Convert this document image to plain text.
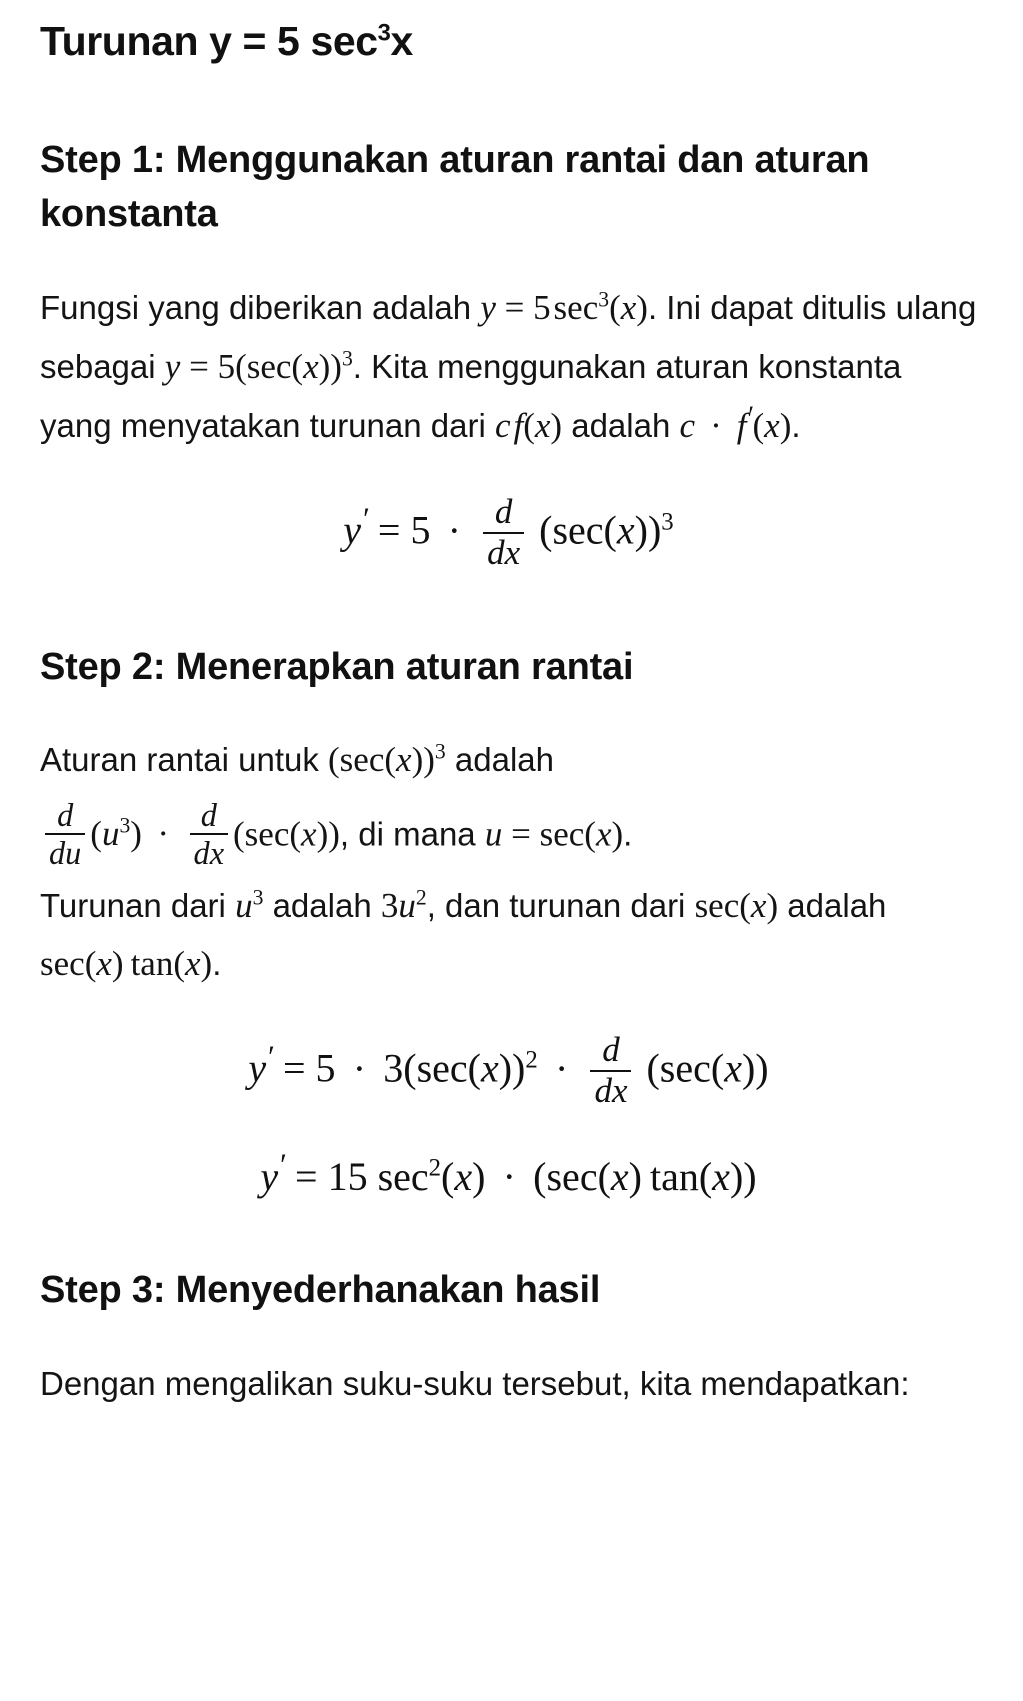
Turunan y = 5 $\sec^3x$
Step 1: Menggunakan aturan rantai dan aturan konstanta

Fungsi yang diberikan adalah y = 5 $\sec^3(x)$. Ini dapat ditulis ulang sebagai $y = 5(\sec(x))^3$. Kita menggunakan aturan konstanta yang menyatakan turunan dari c f(x) adalah c · f′(x).

$y' = 5 \cdot \frac{d}{dx} (\sec(x))^3$
Step 2: Menerapkan aturan rantai

Aturan rantai untuk $(\sec(x))^3$ adalah

$\frac{d}{du} (u^3) \cdot \frac{d}{dx} (\sec(x))$, di mana u = sec(x).

Turunan dari $u^3$ adalah $3u^2$, dan turunan dari sec(x) adalah sec(x) tan(x).

$y' = 5 \cdot 3(\sec(x))^2 \cdot \frac{d}{dx} (\sec(x))$
y′ = 15 $\sec^2(x) \cdot (\sec(x)$ tan(x))
Step 3: Menyederhanakan hasil

Dengan mengalikan suku-suku tersebut, kita mendapatkan:
